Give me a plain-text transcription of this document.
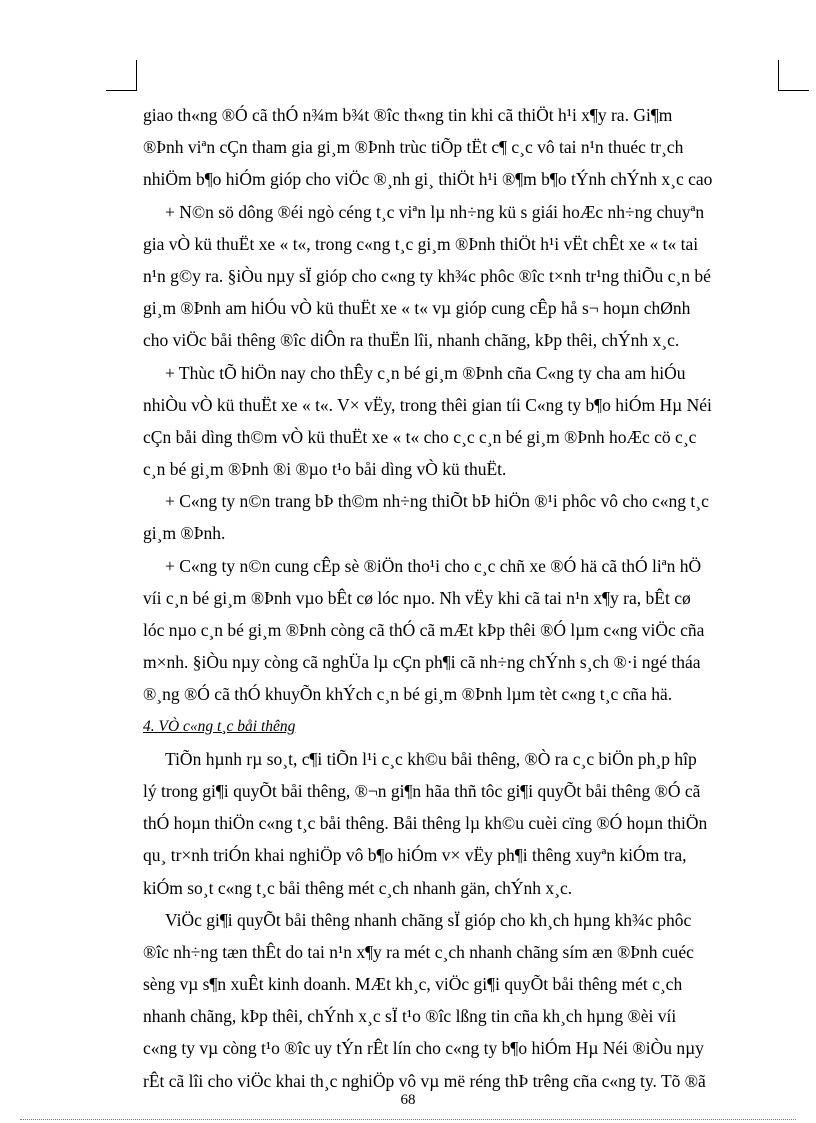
giao th«ng ®Ó cã thÓ n¾m b¾t ®îc th«ng tin khi cã thiÖt h¹i x¶y ra. Gi¶m
®Þnh viªn cÇn tham gia gi¸m ®Þnh trùc tiÕp tËt c¶ c¸c vô tai n¹n thuéc tr¸ch
nhiÖm b¶o hiÓm gióp cho viÖc ®¸nh gi¸ thiÖt h¹i ®¶m b¶o tÝnh chÝnh x¸c cao
+ N©n sö dông ®éi ngò céng t¸c viªn lµ nh÷ng kü s giái hoÆc nh÷ng chuyªn
gia vÒ kü thuËt xe « t«, trong c«ng t¸c gi¸m ®Þnh thiÖt h¹i vËt chÊt xe « t« tai
n¹n g©y ra. §iÒu nµy sÏ gióp cho c«ng ty kh¾c phôc ®îc t×nh tr¹ng thiÕu c¸n bé
gi¸m ®Þnh am hiÓu vÒ kü thuËt xe « t« vµ gióp cung cÊp hå s¬ hoµn chØnh
cho viÖc båi thêng ®îc diÔn ra thuËn lîi, nhanh chãng, kÞp thêi, chÝnh x¸c.
+ Thùc tÕ hiÖn nay cho thÊy c¸n bé gi¸m ®Þnh cña C«ng ty cha am hiÓu
nhiÒu vÒ kü thuËt xe « t«. V× vËy, trong thêi gian tíi C«ng ty b¶o hiÓm Hµ Néi
cÇn båi dìng th©m vÒ kü thuËt xe « t« cho c¸c c¸n bé gi¸m ®Þnh hoÆc cö c¸c
c¸n bé gi¸m ®Þnh ®i ®µo t¹o båi dìng vÒ kü thuËt.
+ C«ng ty n©n trang bÞ th©m nh÷ng thiÕt bÞ hiÖn ®¹i phôc vô cho c«ng t¸c
gi¸m ®Þnh.
+ C«ng ty n©n cung cÊp sè ®iÖn tho¹i cho c¸c chñ xe ®Ó hä cã thÓ liªn hÖ
víi c¸n bé gi¸m ®Þnh vµo bÊt cø lóc nµo. Nh vËy khi cã tai n¹n x¶y ra, bÊt cø
lóc nµo c¸n bé gi¸m ®Þnh còng cã thÓ cã mÆt kÞp thêi ®Ó lµm c«ng viÖc cña
m×nh. §iÒu nµy còng cã nghÜa lµ cÇn ph¶i cã nh÷ng chÝnh s¸ch ®·i ngé tháa
®¸ng ®Ó cã thÓ khuyÕn khÝch c¸n bé gi¸m ®Þnh lµm tèt c«ng t¸c cña hä.
4. VÒ c«ng t¸c båi thêng
TiÕn hµnh rµ so¸t, c¶i tiÕn l¹i c¸c kh©u båi thêng, ®Ò ra c¸c biÖn ph¸p hîp
lý trong gi¶i quyÕt båi thêng, ®¬n gi¶n hãa thñ tôc gi¶i quyÕt båi thêng ®Ó cã
thÓ hoµn thiÖn c«ng t¸c båi thêng. Båi thêng lµ kh©u cuèi cïng ®Ó hoµn thiÖn
qu¸ tr×nh triÓn khai nghiÖp vô b¶o hiÓm v× vËy ph¶i thêng xuyªn kiÓm tra,
kiÓm so¸t c«ng t¸c båi thêng mét c¸ch nhanh gän, chÝnh x¸c.
ViÖc gi¶i quyÕt båi thêng nhanh chãng sÏ gióp cho kh¸ch hµng kh¾c phôc
®îc nh÷ng tæn thÊt do tai n¹n x¶y ra mét c¸ch nhanh chãng sím æn ®Þnh cuéc
sèng vµ s¶n xuÊt kinh doanh. MÆt kh¸c, viÖc gi¶i quyÕt båi thêng mét c¸ch
nhanh chãng, kÞp thêi, chÝnh x¸c sÏ t¹o ®îc lßng tin cña kh¸ch hµng ®èi víi
c«ng ty vµ còng t¹o ®îc uy tÝn rÊt lín cho c«ng ty b¶o hiÓm Hµ Néi ®iÒu nµy
rÊt cã lîi cho viÖc khai th¸c nghiÖp vô vµ më réng thÞ trêng cña c«ng ty. Tõ ®ã
68
